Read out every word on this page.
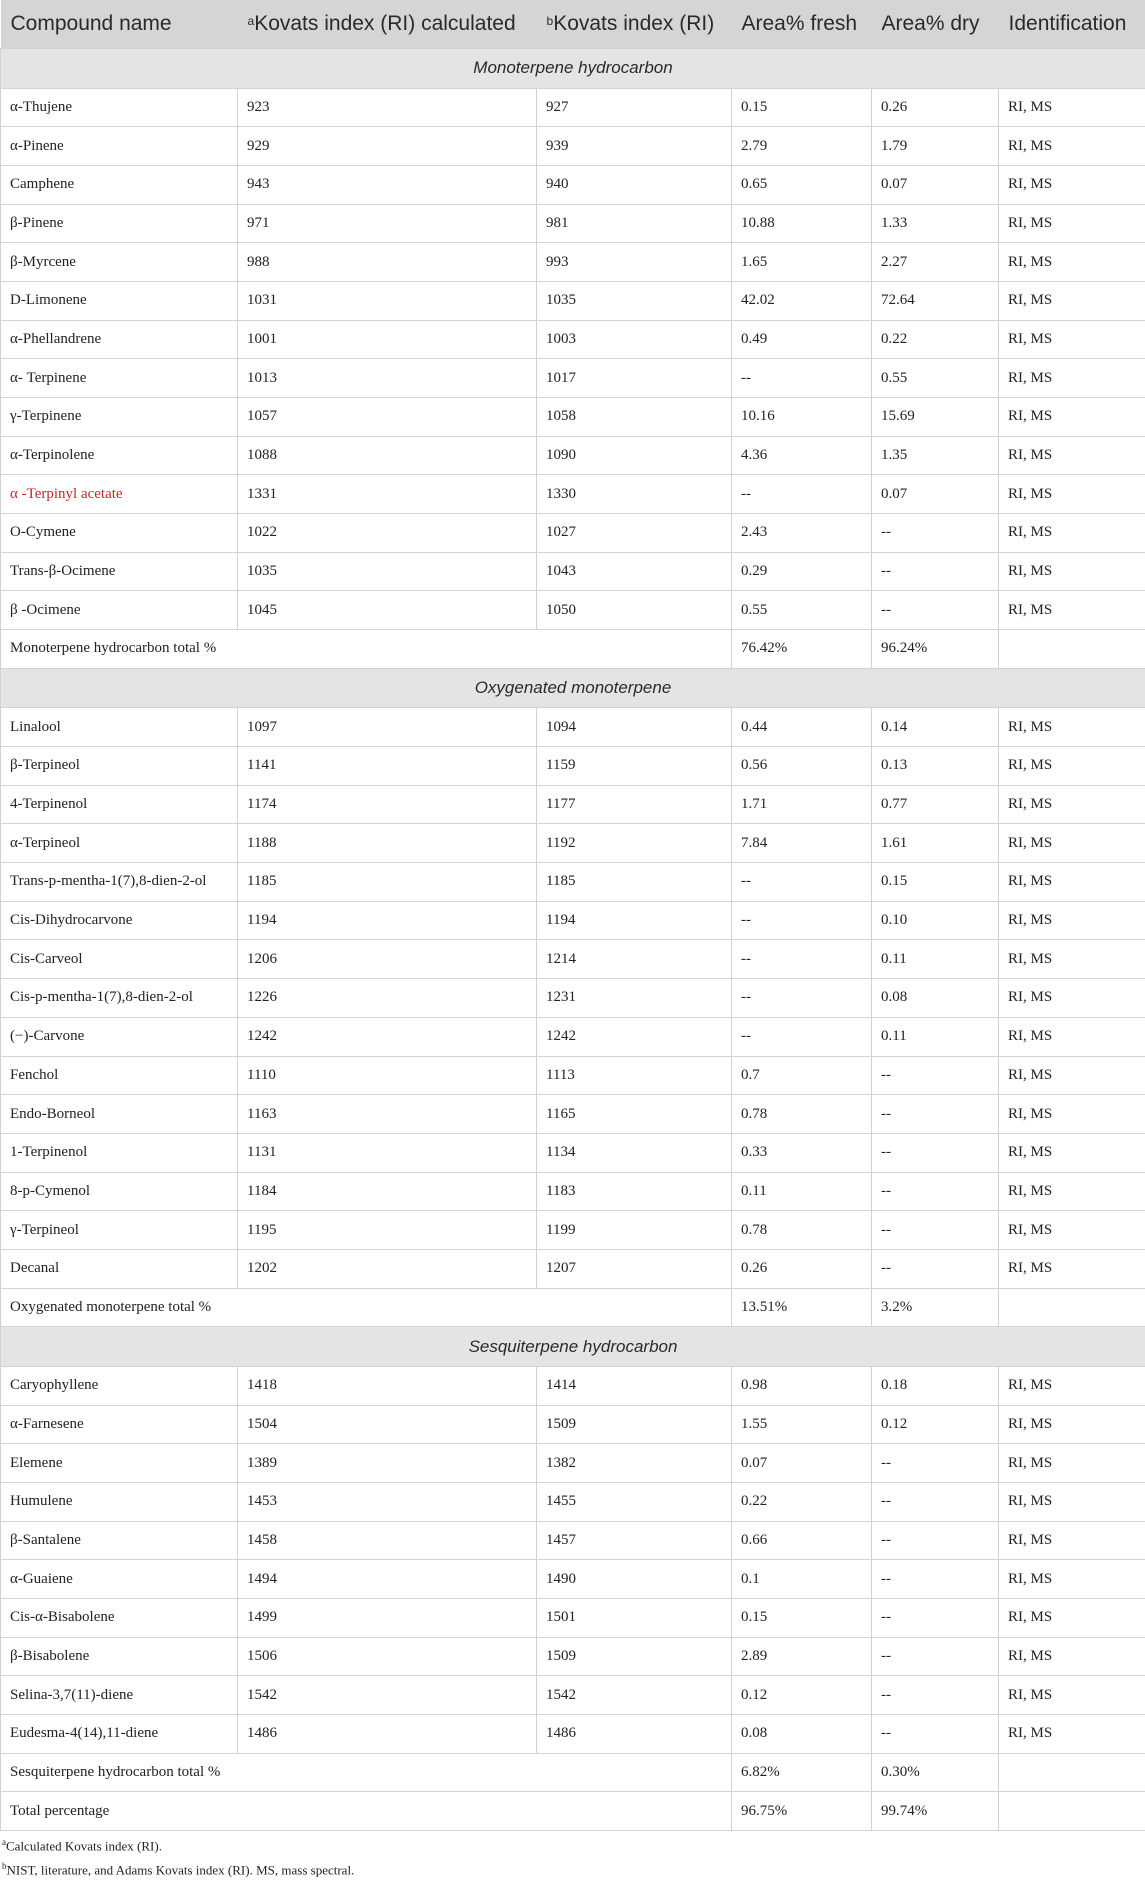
Compound name	$^a$Kovats index (RI) calculated	$^b$Kovats index (RI)	Area% fresh	Area% dry	Identification
Monoterpene hydrocarbon					
α-Thujene	923	927	0.15	0.26	RI, MS
α-Pinene	929	939	2.79	1.79	RI, MS
Camphene	943	940	0.65	0.07	RI, MS
β-Pinene	971	981	10.88	1.33	RI, MS
β-Myrcene	988	993	1.65	2.27	RI, MS
D-Limonene	1031	1035	42.02	72.64	RI, MS
α-Phellandrene	1001	1003	0.49	0.22	RI, MS
α- Terpinene	1013	1017	--	0.55	RI, MS
γ-Terpinene	1057	1058	10.16	15.69	RI, MS
α-Terpinolene	1088	1090	4.36	1.35	RI, MS
α -Terpinyl acetate	1331	1330	--	0.07	RI, MS
O-Cymene	1022	1027	2.43	--	RI, MS
Trans-β-Ocimene	1035	1043	0.29	--	RI, MS
β -Ocimene	1045	1050	0.55	--	RI, MS
Monoterpene hydrocarbon total %			76.42%	96.24%	
Oxygenated monoterpene					
Linalool	1097	1094	0.44	0.14	RI, MS
β-Terpineol	1141	1159	0.56	0.13	RI, MS
4-Terpinenol	1174	1177	1.71	0.77	RI, MS
α-Terpineol	1188	1192	7.84	1.61	RI, MS
Trans-p-mentha-1(7),8-dien-2-ol	1185	1185	--	0.15	RI, MS
Cis-Dihydrocarvone	1194	1194	--	0.10	RI, MS
Cis-Carveol	1206	1214	--	0.11	RI, MS
Cis-p-mentha-1(7),8-dien-2-ol	1226	1231	--	0.08	RI, MS
(−)-Carvone	1242	1242	--	0.11	RI, MS
Fenchol	1110	1113	0.7	--	RI, MS
Endo-Borneol	1163	1165	0.78	--	RI, MS
1-Terpinenol	1131	1134	0.33	--	RI, MS
8-p-Cymenol	1184	1183	0.11	--	RI, MS
γ-Terpineol	1195	1199	0.78	--	RI, MS
Decanal	1202	1207	0.26	--	RI, MS
Oxygenated monoterpene total %			13.51%	3.2%	
Sesquiterpene hydrocarbon					
Caryophyllene	1418	1414	0.98	0.18	RI, MS
α-Farnesene	1504	1509	1.55	0.12	RI, MS
Elemene	1389	1382	0.07	--	RI, MS
Humulene	1453	1455	0.22	--	RI, MS
β-Santalene	1458	1457	0.66	--	RI, MS
α-Guaiene	1494	1490	0.1	--	RI, MS
Cis-α-Bisabolene	1499	1501	0.15	--	RI, MS
β-Bisabolene	1506	1509	2.89	--	RI, MS
Selina-3,7(11)-diene	1542	1542	0.12	--	RI, MS
Eudesma-4(14),11-diene	1486	1486	0.08	--	RI, MS
Sesquiterpene hydrocarbon total %			6.82%	0.30%	
Total percentage			96.75%	99.74%	
$^a$Calculated Kovats index (RI).
$^b$NIST, literature, and Adams Kovats index (RI). MS, mass spectral.
